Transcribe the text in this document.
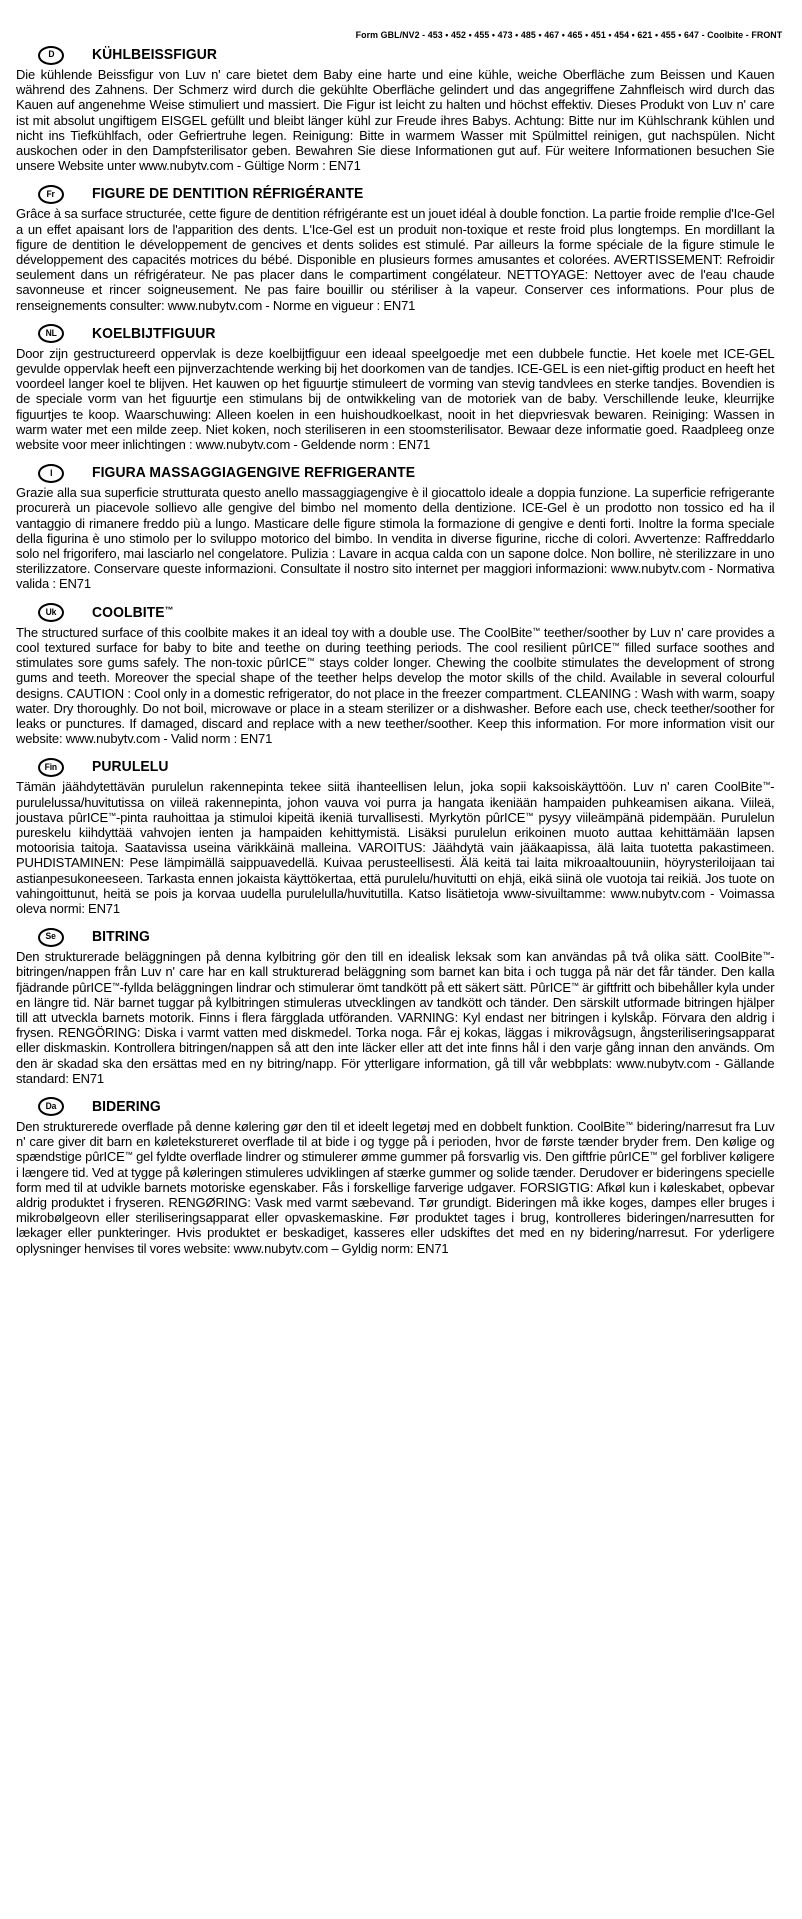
Form GBL/NV2 - 453 • 452 • 455 • 473 • 485 • 467 • 465 • 451 • 454 • 621 • 455 • 647 - Coolbite - FRONT
D	KÜHLBEISSFIGUR
Die kühlende Beissfigur von Luv n' care bietet dem Baby eine harte und eine kühle, weiche Oberfläche zum Beissen und Kauen während des Zahnens. Der Schmerz wird durch die gekühlte Oberfläche gelindert und das angegriffene Zahnfleisch wird durch das Kauen auf angenehme Weise stimuliert und massiert. Die Figur ist leicht zu halten und höchst effektiv. Dieses Produkt von Luv n' care ist mit absolut ungiftigem EISGEL gefüllt und bleibt länger kühl zur Freude ihres Babys. Achtung: Bitte nur im Kühlschrank kühlen und nicht ins Tiefkühlfach, oder Gefriertruhe legen. Reinigung: Bitte in warmem Wasser mit Spülmittel reinigen, gut nachspülen. Nicht auskochen oder in den Dampfsterilisator geben. Bewahren Sie diese Informationen gut auf. Für weitere Informationen besuchen Sie unsere Website unter www.nubytv.com - Gültige Norm : EN71
Fr	FIGURE DE DENTITION RÉFRIGÉRANTE
Grâce à sa surface structurée, cette figure de dentition réfrigérante est un jouet idéal à double fonction. La partie froide remplie d'Ice-Gel a un effet apaisant lors de l'apparition des dents. L'Ice-Gel est un produit non-toxique et reste froid plus longtemps. En mordillant la figure de dentition le développement de gencives et dents solides est stimulé. Par ailleurs la forme spéciale de la figure stimule le développement des capacités motrices du bébé. Disponible en plusieurs formes amusantes et colorées. AVERTISSEMENT: Refroidir seulement dans un réfrigérateur. Ne pas placer dans le compartiment congélateur. NETTOYAGE: Nettoyer avec de l'eau chaude savonneuse et rincer soigneusement. Ne pas faire bouillir ou stériliser à la vapeur. Conserver ces informations. Pour plus de renseignements consulter: www.nubytv.com - Norme en vigueur : EN71
NL KOELBIJTFIGUUR
Door zijn gestructureerd oppervlak is deze koelbijtfiguur een ideaal speelgoedje met een dubbele functie. Het koele met ICE-GEL gevulde oppervlak heeft een pijnverzachtende werking bij het doorkomen van de tandjes. ICE-GEL is een niet-giftig product en heeft het voordeel langer koel te blijven. Het kauwen op het figuurtje stimuleert de vorming van stevig tandvlees en sterke tandjes. Bovendien is de speciale vorm van het figuurtje een stimulans bij de ontwikkeling van de motoriek van de baby. Verschillende leuke, kleurrijke figuurtjes te koop. Waarschuwing: Alleen koelen in een huishoudkoelkast, nooit in het diepvriesvak bewaren. Reiniging: Wassen in warm water met een milde zeep. Niet koken, noch steriliseren in een stoomsterilisator. Bewaar deze informatie goed. Raadpleeg onze website voor meer inlichtingen : www.nubytv.com - Geldende norm : EN71
I	FIGURA MASSAGGIAGENGIVE REFRIGERANTE
Grazie alla sua superficie strutturata questo anello massaggiagengive è il giocattolo ideale a doppia funzione. La superficie refrigerante procurerà un piacevole sollievo alle gengive del bimbo nel momento della dentizione. ICE-Gel è un prodotto non tossico ed ha il vantaggio di rimanere freddo più a lungo. Masticare delle figure stimola la formazione di gengive e denti forti. Inoltre la forma speciale della figurina è uno stimolo per lo sviluppo motorico del bimbo. In vendita in diverse figurine, ricche di colori. Avvertenze: Raffreddarlo solo nel frigorifero, mai lasciarlo nel congelatore. Pulizia : Lavare in acqua calda con un sapone dolce. Non bollire, nè sterilizzare in uno sterilizzatore. Conservare queste informazioni. Consultate il nostro sito internet per maggiori informazioni: www.nubytv.com - Normativa valida : EN71
Uk COOLBITE™
The structured surface of this coolbite makes it an ideal toy with a double use. The CoolBite™ teether/soother by Luv n' care provides a cool textured surface for baby to bite and teethe on during teething periods. The cool resilient pûrICE™ filled surface soothes and stimulates sore gums safely. The non-toxic pûrICE™ stays colder longer. Chewing the coolbite stimulates the development of strong gums and teeth. Moreover the special shape of the teether helps develop the motor skills of the child. Available in several colourful designs. CAUTION : Cool only in a domestic refrigerator, do not place in the freezer compartment. CLEANING : Wash with warm, soapy water. Dry thoroughly. Do not boil, microwave or place in a steam sterilizer or a dishwasher. Before each use, check teether/soother for leaks or punctures. If damaged, discard and replace with a new teether/soother. Keep this information. For more information visit our website: www.nubytv.com - Valid norm : EN71
Fin PURULELU
Tämän jäähdytettävän purulelun rakennepinta tekee siitä ihanteellisen lelun, joka sopii kaksoiskäyttöön. Luv n' caren CoolBite™-purulelussa/huvitutissa on viileä rakennepinta, johon vauva voi purra ja hangata ikeniään hampaiden puhkeamisen aikana. Viileä, joustava pûrICE™-pinta rauhoittaa ja stimuloi kipeitä ikeniä turvallisesti. Myrkytön pûrICE™ pysyy viileämpänä pidempään. Purulelun pureskelu kiihdyttää vahvojen ienten ja hampaiden kehittymistä. Lisäksi purulelun erikoinen muoto auttaa kehittämään lapsen motoorisia taitoja. Saatavissa useina värikkäinä malleina. VAROITUS: Jäähdytä vain jääkaapissa, älä laita tuotetta pakastimeen. PUHDISTAMINEN: Pese lämpimällä saippuavedellä. Kuivaa perusteellisesti. Älä keitä tai laita mikroaaltouuniin, höyrysteriloijaan tai astianpesukoneeseen. Tarkasta ennen jokaista käyttökertaa, että purulelu/huvitutti on ehjä, eikä siinä ole vuotoja tai reikiä. Jos tuote on vahingoittunut, heitä se pois ja korvaa uudella purulelulla/huvitutilla. Katso lisätietoja www-sivuiltamme: www.nubytv.com - Voimassa oleva normi: EN71
Se BITRING
Den strukturerade beläggningen på denna kylbitring gör den till en idealisk leksak som kan användas på två olika sätt. CoolBite™-bitringen/nappen från Luv n' care har en kall strukturerad beläggning som barnet kan bita i och tugga på när det får tänder. Den kalla fjädrande pûrICE™-fyllda beläggningen lindrar och stimulerar ömt tandkött på ett säkert sätt. PûrICE™ är giftfritt och bibehåller kyla under en längre tid. När barnet tuggar på kylbitringen stimuleras utvecklingen av tandkött och tänder. Den särskilt utformade bitringen hjälper till att utveckla barnets motorik. Finns i flera färgglada utföranden. VARNING: Kyl endast ner bitringen i kylskåp. Förvara den aldrig i frysen. RENGÖRING: Diska i varmt vatten med diskmedel. Torka noga. Får ej kokas, läggas i mikrovågsugn, ångsteriliseringsapparat eller diskmaskin. Kontrollera bitringen/nappen så att den inte läcker eller att det inte finns hål i den varje gång innan den används. Om den är skadad ska den ersättas med en ny bitring/napp. För ytterligare information, gå till vår webbplats: www.nubytv.com - Gällande standard: EN71
Da BIDERING
Den strukturerede overflade på denne kølering gør den til et ideelt legetøj med en dobbelt funktion. CoolBite™ bidering/narresut fra Luv n' care giver dit barn en køletekstureret overflade til at bide i og tygge på i perioden, hvor de første tænder bryder frem. Den kølige og spændstige pûrICE™ gel fyldte overflade lindrer og stimulerer ømme gummer på forsvarlig vis. Den giftfrie pûrICE™ gel forbliver køligere i længere tid. Ved at tygge på køleringen stimuleres udviklingen af stærke gummer og solide tænder. Derudover er bideringens specielle form med til at udvikle barnets motoriske egenskaber. Fås i forskellige farverige udgaver. FORSIGTIG: Afkøl kun i køleskabet, opbevar aldrig produktet i fryseren. RENGØRING: Vask med varmt sæbevand. Tør grundigt. Bideringen må ikke koges, dampes eller bruges i mikrobølgeovn eller steriliseringsapparat eller opvaskemaskine. Før produktet tages i brug, kontrolleres bideringen/narresutten for lækager eller punkteringer. Hvis produktet er beskadiget, kasseres eller udskiftes det med en ny bidering/narresut. For yderligere oplysninger henvises til vores website: www.nubytv.com – Gyldig norm: EN71
